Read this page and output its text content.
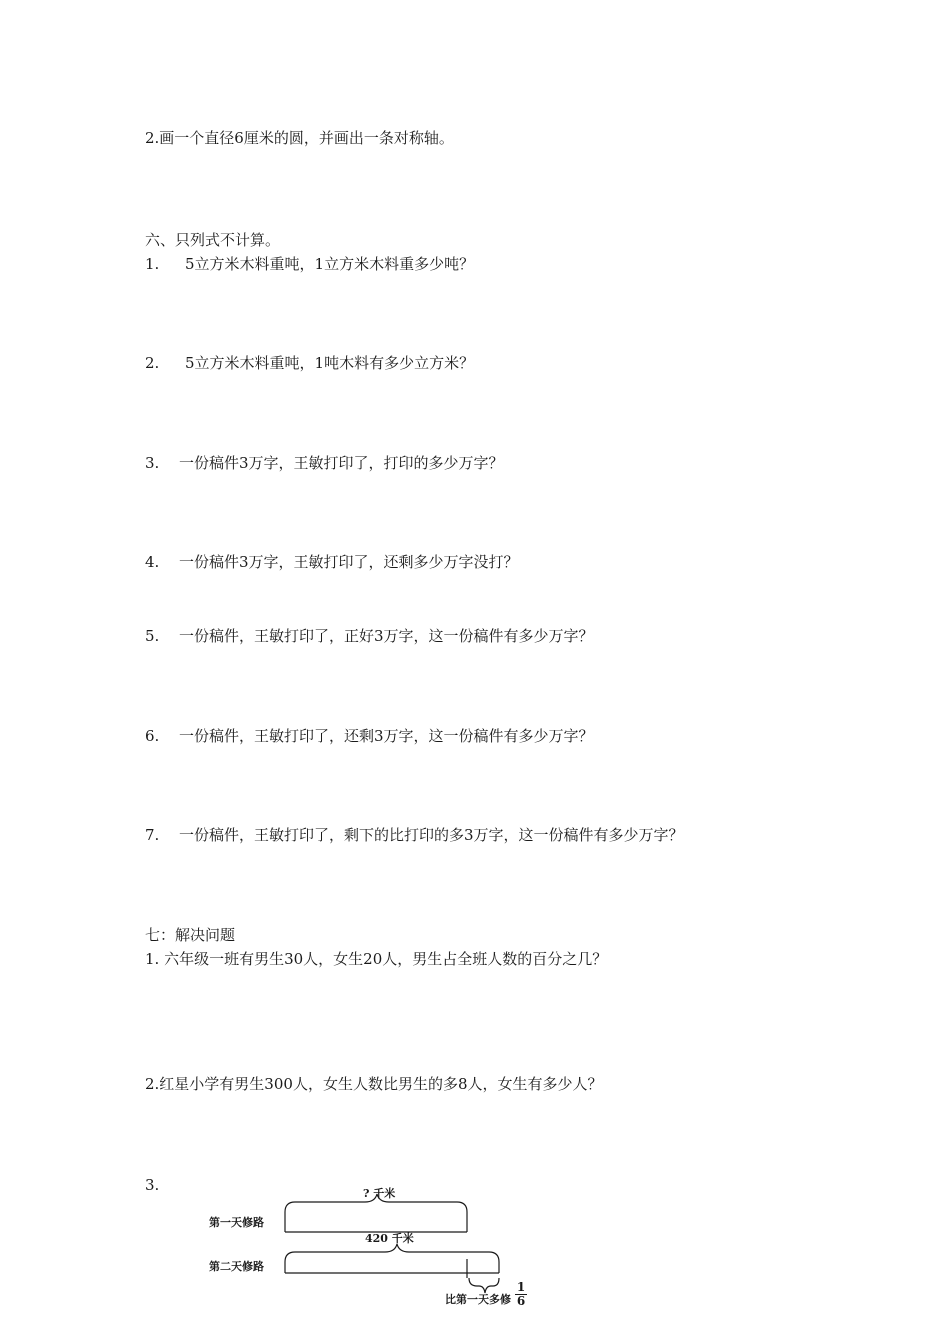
2.画一个直径6厘米的圆，并画出一条对称轴。
六、只列式不计算。
1. 5立方米木料重吨，1立方米木料重多少吨？
2. 5立方米木料重吨，1吨木料有多少立方米？
3. 一份稿件3万字，王敏打印了，打印的多少万字？
4. 一份稿件3万字，王敏打印了，还剩多少万字没打？
5. 一份稿件，王敏打印了，正好3万字，这一份稿件有多少万字？
6. 一份稿件，王敏打印了，还剩3万字，这一份稿件有多少万字？
7. 一份稿件，王敏打印了，剩下的比打印的多3万字，这一份稿件有多少万字？
七：解决问题
1. 六年级一班有男生30人，女生20人，男生占全班人数的百分之几？
2.红星小学有男生300人，女生人数比男生的多8人，女生有多少人？
3.	? 千米
第一天修路
420 千米
第二天修路
比第一天多修
1
6
